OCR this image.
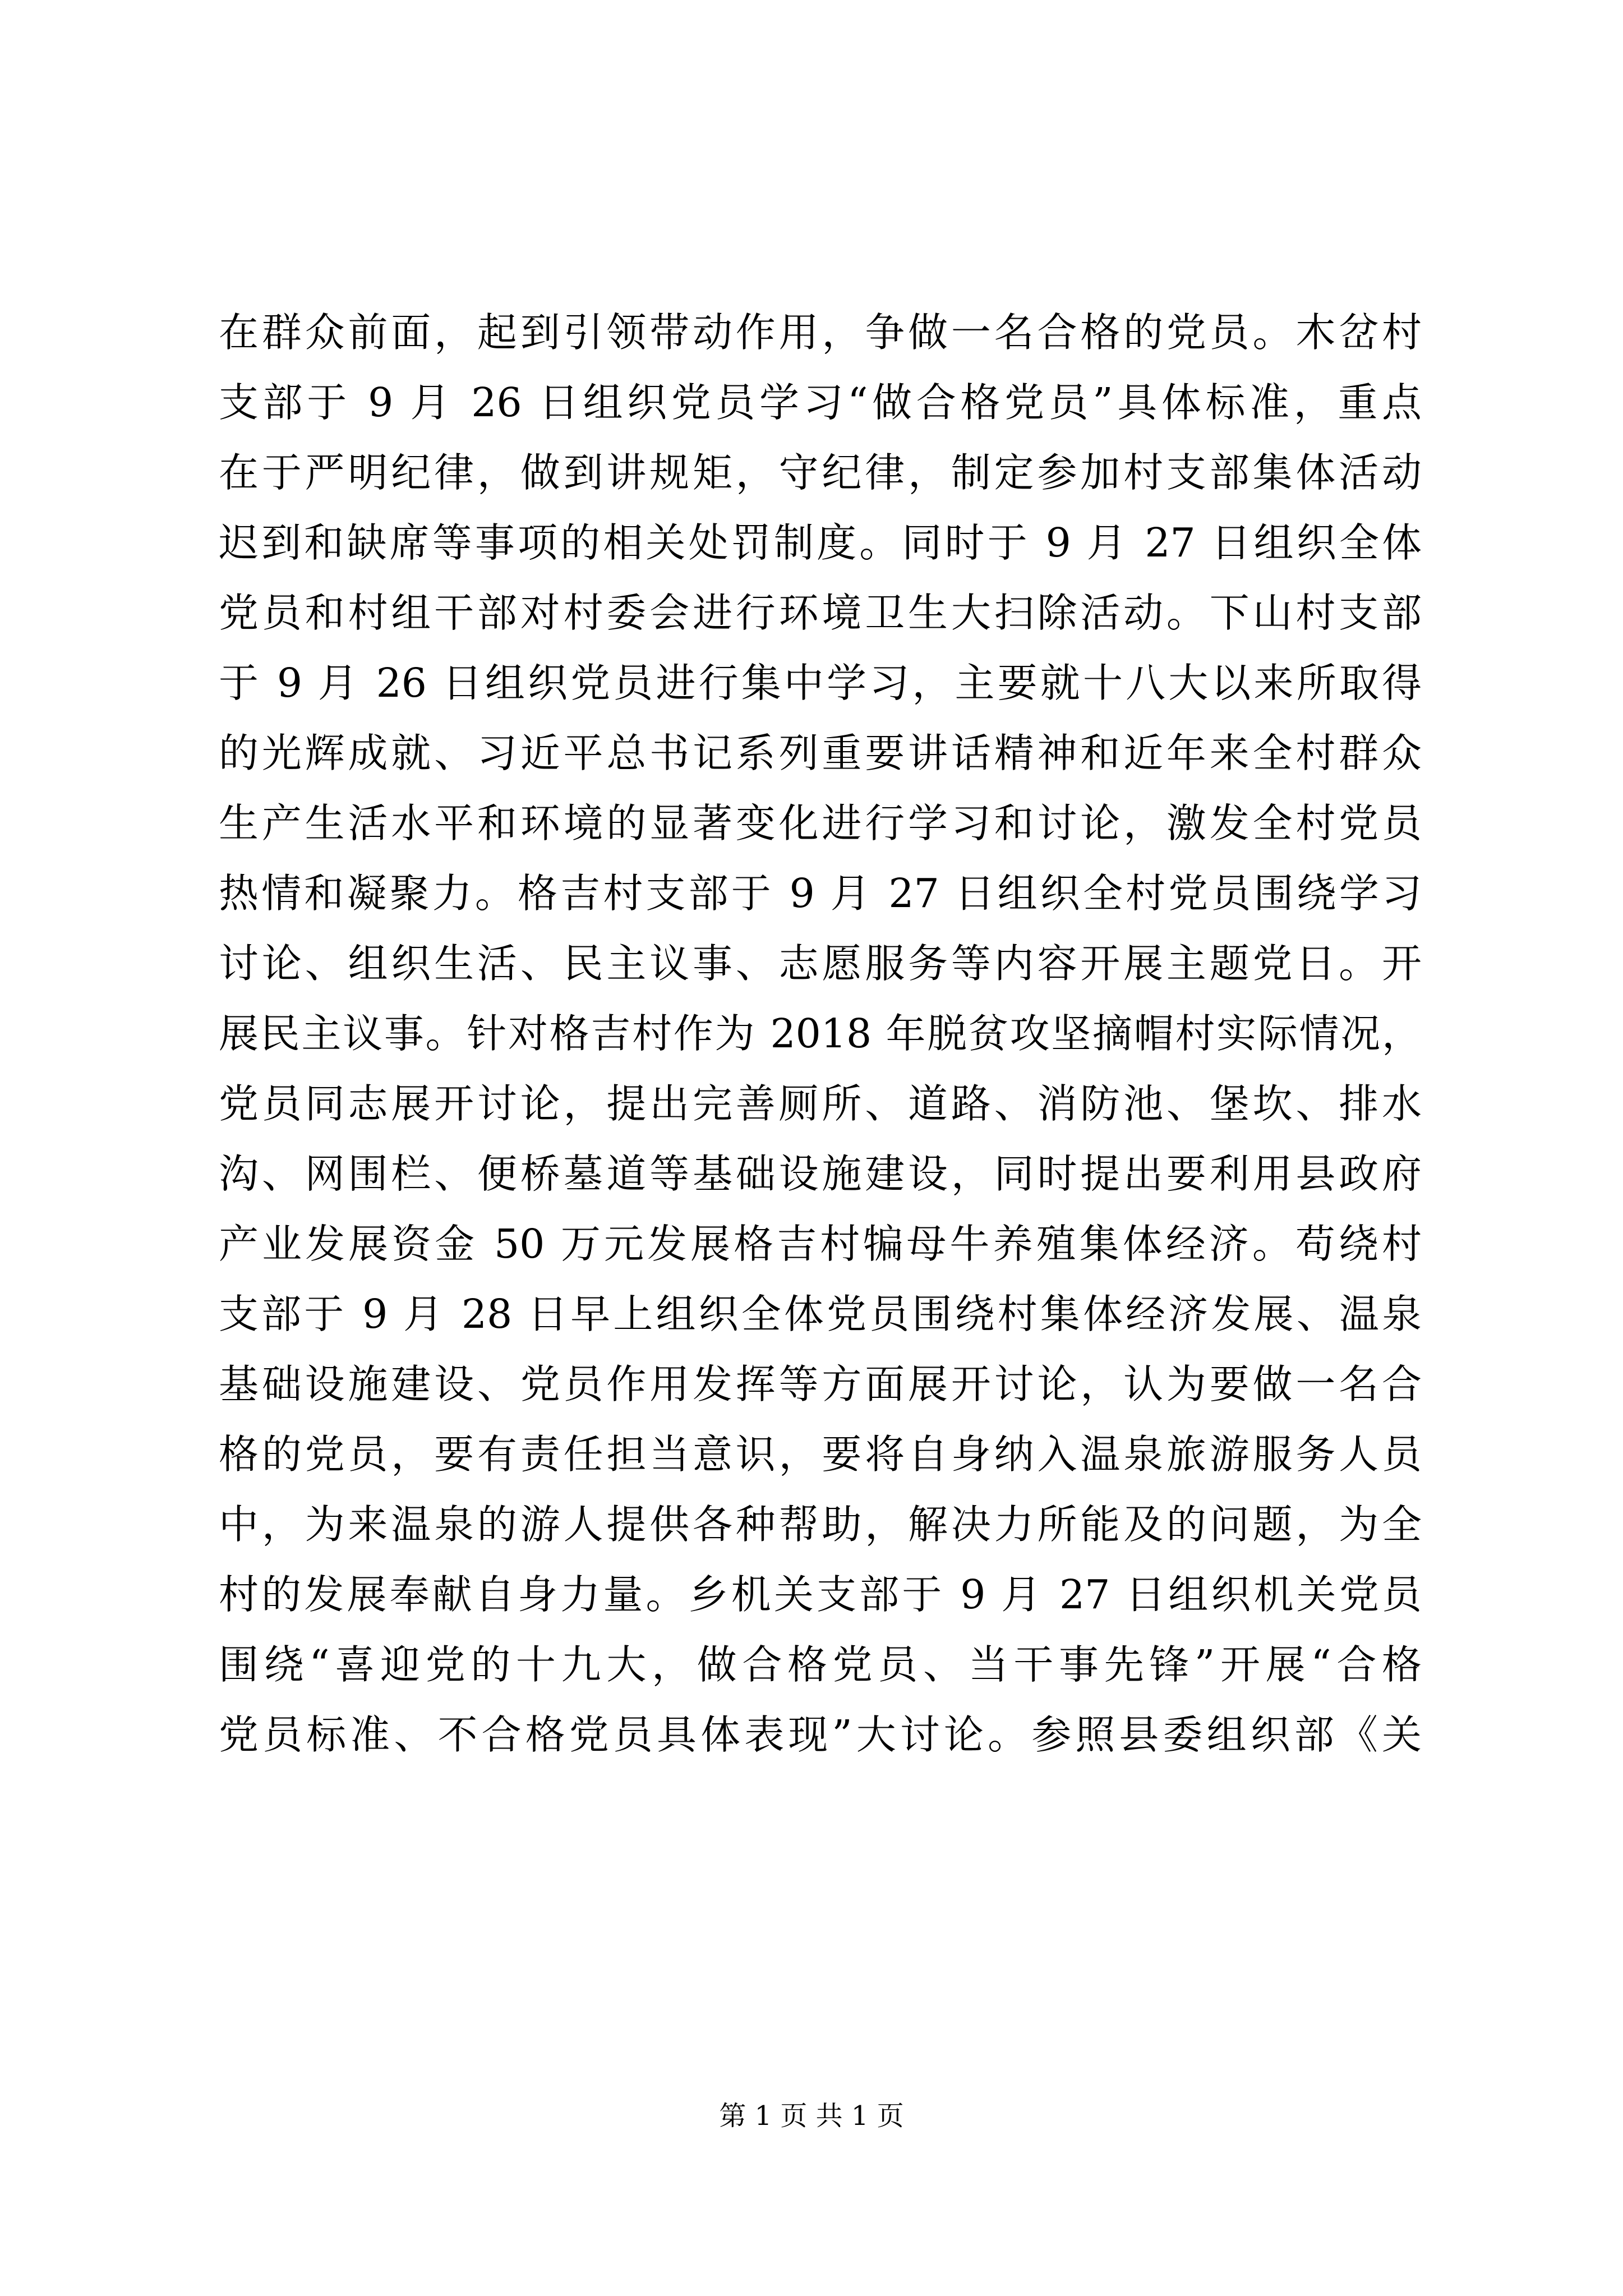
在群众前面，起到引领带动作用，争做一名合格的党员。木岔村
支部于 9 月 26 日组织党员学习“做合格党员”具体标准，重点
在于严明纪律，做到讲规矩，守纪律，制定参加村支部集体活动
迟到和缺席等事项的相关处罚制度。同时于 9 月 27 日组织全体
党员和村组干部对村委会进行环境卫生大扫除活动。下山村支部
于 9 月 26 日组织党员进行集中学习，主要就十八大以来所取得
的光辉成就、习近平总书记系列重要讲话精神和近年来全村群众
生产生活水平和环境的显著变化进行学习和讨论，激发全村党员
热情和凝聚力。格吉村支部于 9 月 27 日组织全村党员围绕学习
讨论、组织生活、民主议事、志愿服务等内容开展主题党日。开
展民主议事。针对格吉村作为 2018 年脱贫攻坚摘帽村实际情况，
党员同志展开讨论，提出完善厕所、道路、消防池、堡坎、排水
沟、网围栏、便桥墓道等基础设施建设，同时提出要利用县政府
产业发展资金 50 万元发展格吉村犏母牛养殖集体经济。苟绕村
支部于 9 月 28 日早上组织全体党员围绕村集体经济发展、温泉
基础设施建设、党员作用发挥等方面展开讨论，认为要做一名合
格的党员，要有责任担当意识，要将自身纳入温泉旅游服务人员
中，为来温泉的游人提供各种帮助，解决力所能及的问题，为全
村的发展奉献自身力量。乡机关支部于 9 月 27 日组织机关党员
围绕“喜迎党的十九大，做合格党员、当干事先锋”开展“合格
党员标准、不合格党员具体表现”大讨论。参照县委组织部《关
第 1 页 共 1 页
